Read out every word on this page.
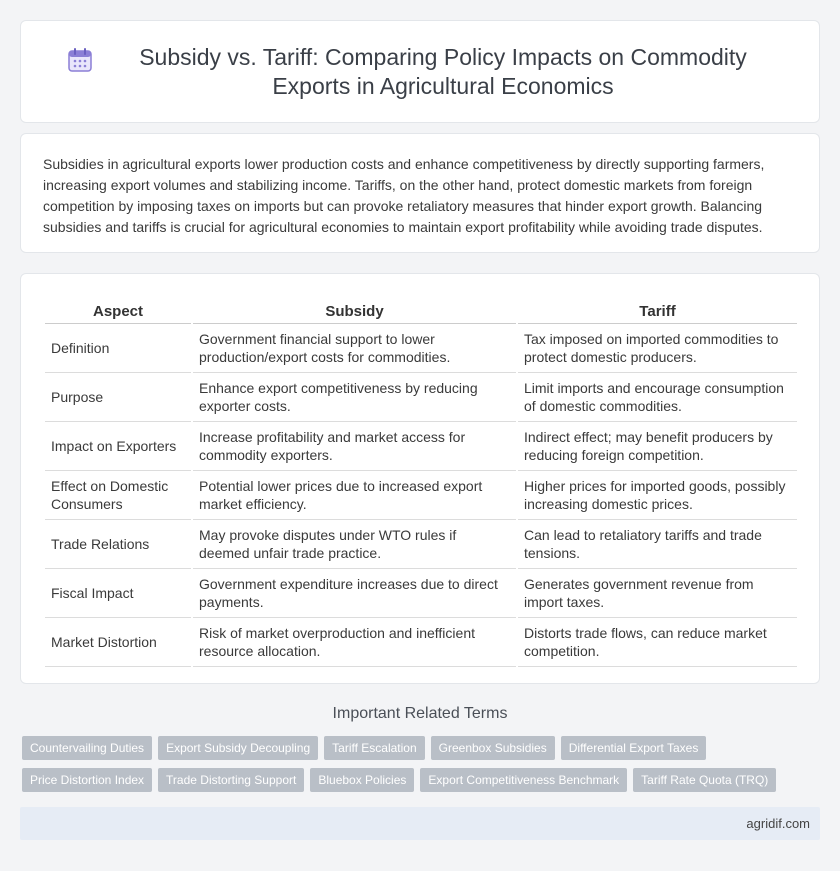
Subsidy vs. Tariff: Comparing Policy Impacts on Commodity Exports in Agricultural Economics

Subsidies in agricultural exports lower production costs and enhance competitiveness by directly supporting farmers, increasing export volumes and stabilizing income. Tariffs, on the other hand, protect domestic markets from foreign competition by imposing taxes on imports but can provoke retaliatory measures that hinder export growth. Balancing subsidies and tariffs is crucial for agricultural economies to maintain export profitability while avoiding trade disputes.

Aspect	Subsidy	Tariff
Definition	Government financial support to lower production/export costs for commodities.	Tax imposed on imported commodities to protect domestic producers.
Purpose	Enhance export competitiveness by reducing exporter costs.	Limit imports and encourage consumption of domestic commodities.
Impact on Exporters	Increase profitability and market access for commodity exporters.	Indirect effect; may benefit producers by reducing foreign competition.
Effect on Domestic Consumers	Potential lower prices due to increased export market efficiency.	Higher prices for imported goods, possibly increasing domestic prices.
Trade Relations	May provoke disputes under WTO rules if deemed unfair trade practice.	Can lead to retaliatory tariffs and trade tensions.
Fiscal Impact	Government expenditure increases due to direct payments.	Generates government revenue from import taxes.
Market Distortion	Risk of market overproduction and inefficient resource allocation.	Distorts trade flows, can reduce market competition.
Important Related Terms
Countervailing Duties	Export Subsidy Decoupling	Tariff Escalation	Greenbox Subsidies	Differential Export Taxes
Price Distortion Index	Trade Distorting Support	Bluebox Policies	Export Competitiveness Benchmark	Tariff Rate Quota (TRQ)
agridif.com
